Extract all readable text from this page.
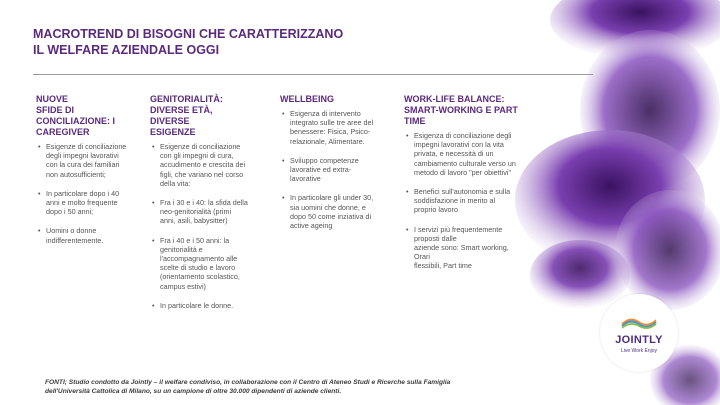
MACROTREND DI BISOGNI CHE CARATTERIZZANO
IL WELFARE AZIENDALE OGGI
NUOVE
SFIDE DI
CONCILIAZIONE: I
CAREGIVER
• Esigenze di conciliazione
degli impegni lavorativi
con la cura dei familiari
non autosufficienti;
• In particolare dopo i 40
anni e molto frequente
dopo i 50 anni;
• Uomini o donne
indifferentemente.
GENITORIALITÀ:
DIVERSE ETÀ,
DIVERSE
ESIGENZE
• Esigenze di conciliazione
con gli impegni di cura,
accudimento e crescita dei
figli, che variano nel corso
della vita:
• Fra i 30 e i 40: la sfida della
neo-genitorialità (primi
anni, asili, babysitter)
• Fra i 40 e i 50 anni: la
genitorialità e
l'accompagnamento alle
scelte di studio e lavoro
(orientamento scolastico,
campus estivi)
• In particolare le donne.
WELLBEING
• Esigenza di intervento
integrato sulle tre aree del
benessere: Fisica, Psico-
relazionale, Alimentare.
• Sviluppo competenze
lavorative ed extra-
lavorative
• In particolare gli under 30,
sia uomini che donne, e
dopo 50 come inziativa di
active ageing
WORK-LIFE BALANCE:
SMART-WORKING E PART
TIME
• Esigenza di conciliazione degli
impegni lavorativi con la vita
privata, e necessità di un
cambiamento culturale verso un
metodo di lavoro "per obiettivi"
• Benefici sull'autonomia e sulla
soddisfazione in merito al
proprio lavoro
• I servizi più frequentemente
proposti dalle
aziende sono: Smart working,
Orari
flessibili, Part time
JOINTLY
Live Work Enjoy
FONTI; Studio condotto da Jointly – il welfare condiviso, in collaborazione con il Centro di Ateneo Studi e Ricerche sulla Famiglia
dell'Università Cattolica di Milano, su un campione di oltre 30.000 dipendenti di aziende clienti.
